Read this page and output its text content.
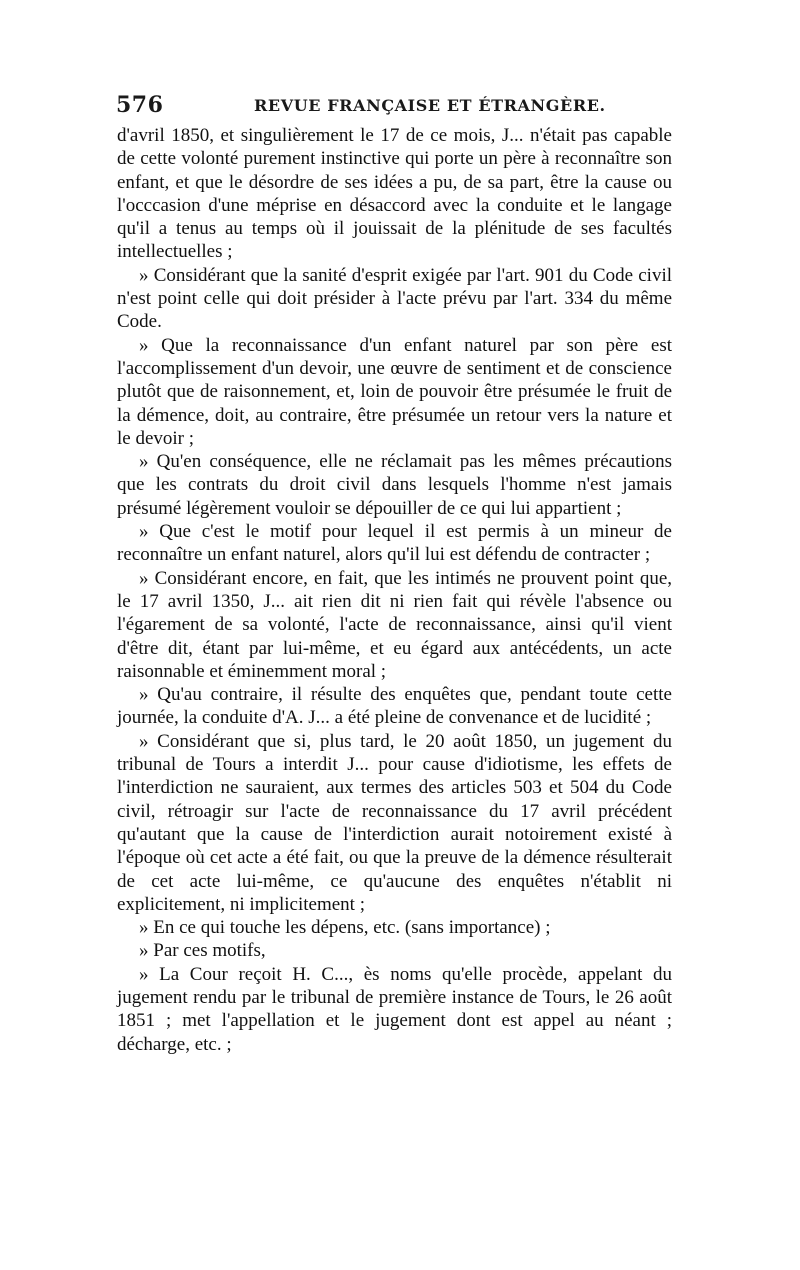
576	REVUE FRANÇAISE ET ÉTRANGÈRE.

d'avril 1850, et singulièrement le 17 de ce mois, J... n'était pas capable de cette volonté purement instinctive qui porte un père à reconnaître son enfant, et que le désordre de ses idées a pu, de sa part, être la cause ou l'occcasion d'une méprise en désaccord avec la conduite et le langage qu'il a tenus au temps où il jouissait de la plénitude de ses facultés intellectuelles ;

» Considérant que la sanité d'esprit exigée par l'art. 901 du Code civil n'est point celle qui doit présider à l'acte prévu par l'art. 334 du même Code.

» Que la reconnaissance d'un enfant naturel par son père est l'accomplissement d'un devoir, une œuvre de sentiment et de conscience plutôt que de raisonnement, et, loin de pouvoir être présumée le fruit de la démence, doit, au contraire, être présumée un retour vers la nature et le devoir ;

» Qu'en conséquence, elle ne réclamait pas les mêmes précautions que les contrats du droit civil dans lesquels l'homme n'est jamais présumé légèrement vouloir se dépouiller de ce qui lui appartient ;

» Que c'est le motif pour lequel il est permis à un mineur de reconnaître un enfant naturel, alors qu'il lui est défendu de contracter ;

» Considérant encore, en fait, que les intimés ne prouvent point que, le 17 avril 1350, J... ait rien dit ni rien fait qui révèle l'absence ou l'égarement de sa volonté, l'acte de reconnaissance, ainsi qu'il vient d'être dit, étant par lui-même, et eu égard aux antécédents, un acte raisonnable et éminemment moral ;

» Qu'au contraire, il résulte des enquêtes que, pendant toute cette journée, la conduite d'A. J... a été pleine de convenance et de lucidité ;

» Considérant que si, plus tard, le 20 août 1850, un jugement du tribunal de Tours a interdit J... pour cause d'idiotisme, les effets de l'interdiction ne sauraient, aux termes des articles 503 et 504 du Code civil, rétroagir sur l'acte de reconnaissance du 17 avril précédent qu'autant que la cause de l'interdiction aurait notoirement existé à l'époque où cet acte a été fait, ou que la preuve de la démence résulterait de cet acte lui-même, ce qu'aucune des enquêtes n'établit ni explicitement, ni implicitement ;

» En ce qui touche les dépens, etc. (sans importance) ;

» Par ces motifs,

» La Cour reçoit H. C..., ès noms qu'elle procède, appelant du jugement rendu par le tribunal de première instance de Tours, le 26 août 1851 ; met l'appellation et le jugement dont est appel au néant ; décharge, etc. ;
